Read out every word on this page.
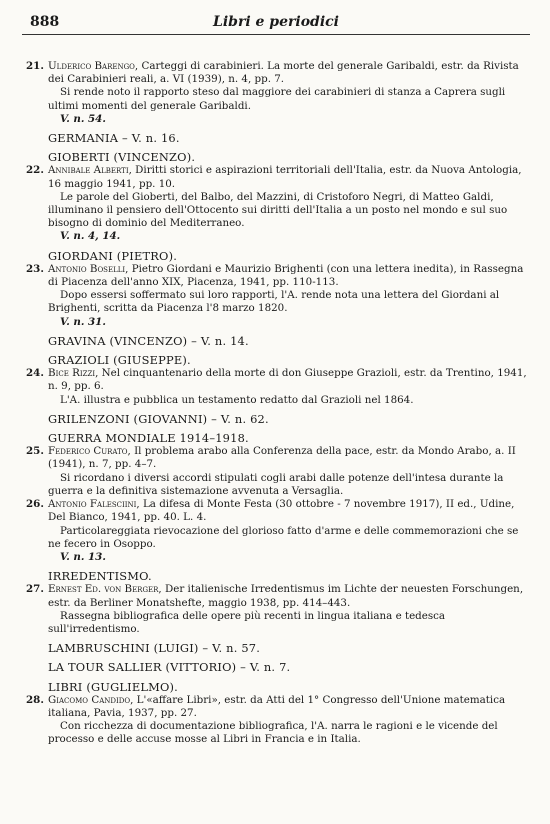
888	Libri e periodici
21. Ulderico Barengo, Carteggi di carabinieri. La morte del generale Garibaldi, estr. da Rivista dei Carabinieri reali, a. VI (1939), n. 4, pp. 7.

Si rende noto il rapporto steso dal maggiore dei carabinieri di stanza a Caprera sugli ultimi momenti del generale Garibaldi.

V. n. 54.
GERMANIA – V. n. 16.
GIOBERTI (VINCENZO).
22. Annibale Alberti, Diritti storici e aspirazioni territoriali dell'Italia, estr. da Nuova Antologia, 16 maggio 1941, pp. 10.

Le parole del Gioberti, del Balbo, del Mazzini, di Cristoforo Negri, di Matteo Galdi, illuminano il pensiero dell'Ottocento sui diritti dell'Italia a un posto nel mondo e sul suo bisogno di dominio del Mediterraneo.

V. n. 4, 14.
GIORDANI (PIETRO).
23. Antonio Boselli, Pietro Giordani e Maurizio Brighenti (con una lettera inedita), in Rassegna di Piacenza dell'anno XIX, Piacenza, 1941, pp. 110-113.

Dopo essersi soffermato sui loro rapporti, l'A. rende nota una lettera del Giordani al Brighenti, scritta da Piacenza l'8 marzo 1820.

V. n. 31.
GRAVINA (VINCENZO) – V. n. 14.
GRAZIOLI (GIUSEPPE).
24. Bice Rizzi, Nel cinquantenario della morte di don Giuseppe Grazioli, estr. da Trentino, 1941, n. 9, pp. 6.

L'A. illustra e pubblica un testamento redatto dal Grazioli nel 1864.

GRILENZONI (GIOVANNI) – V. n. 62.
GUERRA MONDIALE 1914–1918.
25. Federico Curato, Il problema arabo alla Conferenza della pace, estr. da Mondo Arabo, a. II (1941), n. 7, pp. 4–7.

Si ricordano i diversi accordi stipulati cogli arabi dalle potenze dell'intesa durante la guerra e la definitiva sistemazione avvenuta a Versaglia.

26. Antonio Falesciini, La difesa di Monte Festa (30 ottobre - 7 novembre 1917), II ed., Udine, Del Bianco, 1941, pp. 40. L. 4.

Particolareggiata rievocazione del glorioso fatto d'arme e delle commemorazioni che se ne fecero in Osoppo.

V. n. 13.
IRREDENTISMO.
27. Ernest Ed. von Berger, Der italienische Irredentismus im Lichte der neuesten Forschungen, estr. da Berliner Monatshefte, maggio 1938, pp. 414–443.

Rassegna bibliografica delle opere più recenti in lingua italiana e tedesca sull'irredentismo.

LAMBRUSCHINI (LUIGI) – V. n. 57.
LA TOUR SALLIER (VITTORIO) – V. n. 7.
LIBRI (GUGLIELMO).
28. Giacomo Candido, L'«affare Libri», estr. da Atti del 1° Congresso dell'Unione matematica italiana, Pavia, 1937, pp. 27.

Con ricchezza di documentazione bibliografica, l'A. narra le ragioni e le vicende del processo e delle accuse mosse al Libri in Francia e in Italia.
